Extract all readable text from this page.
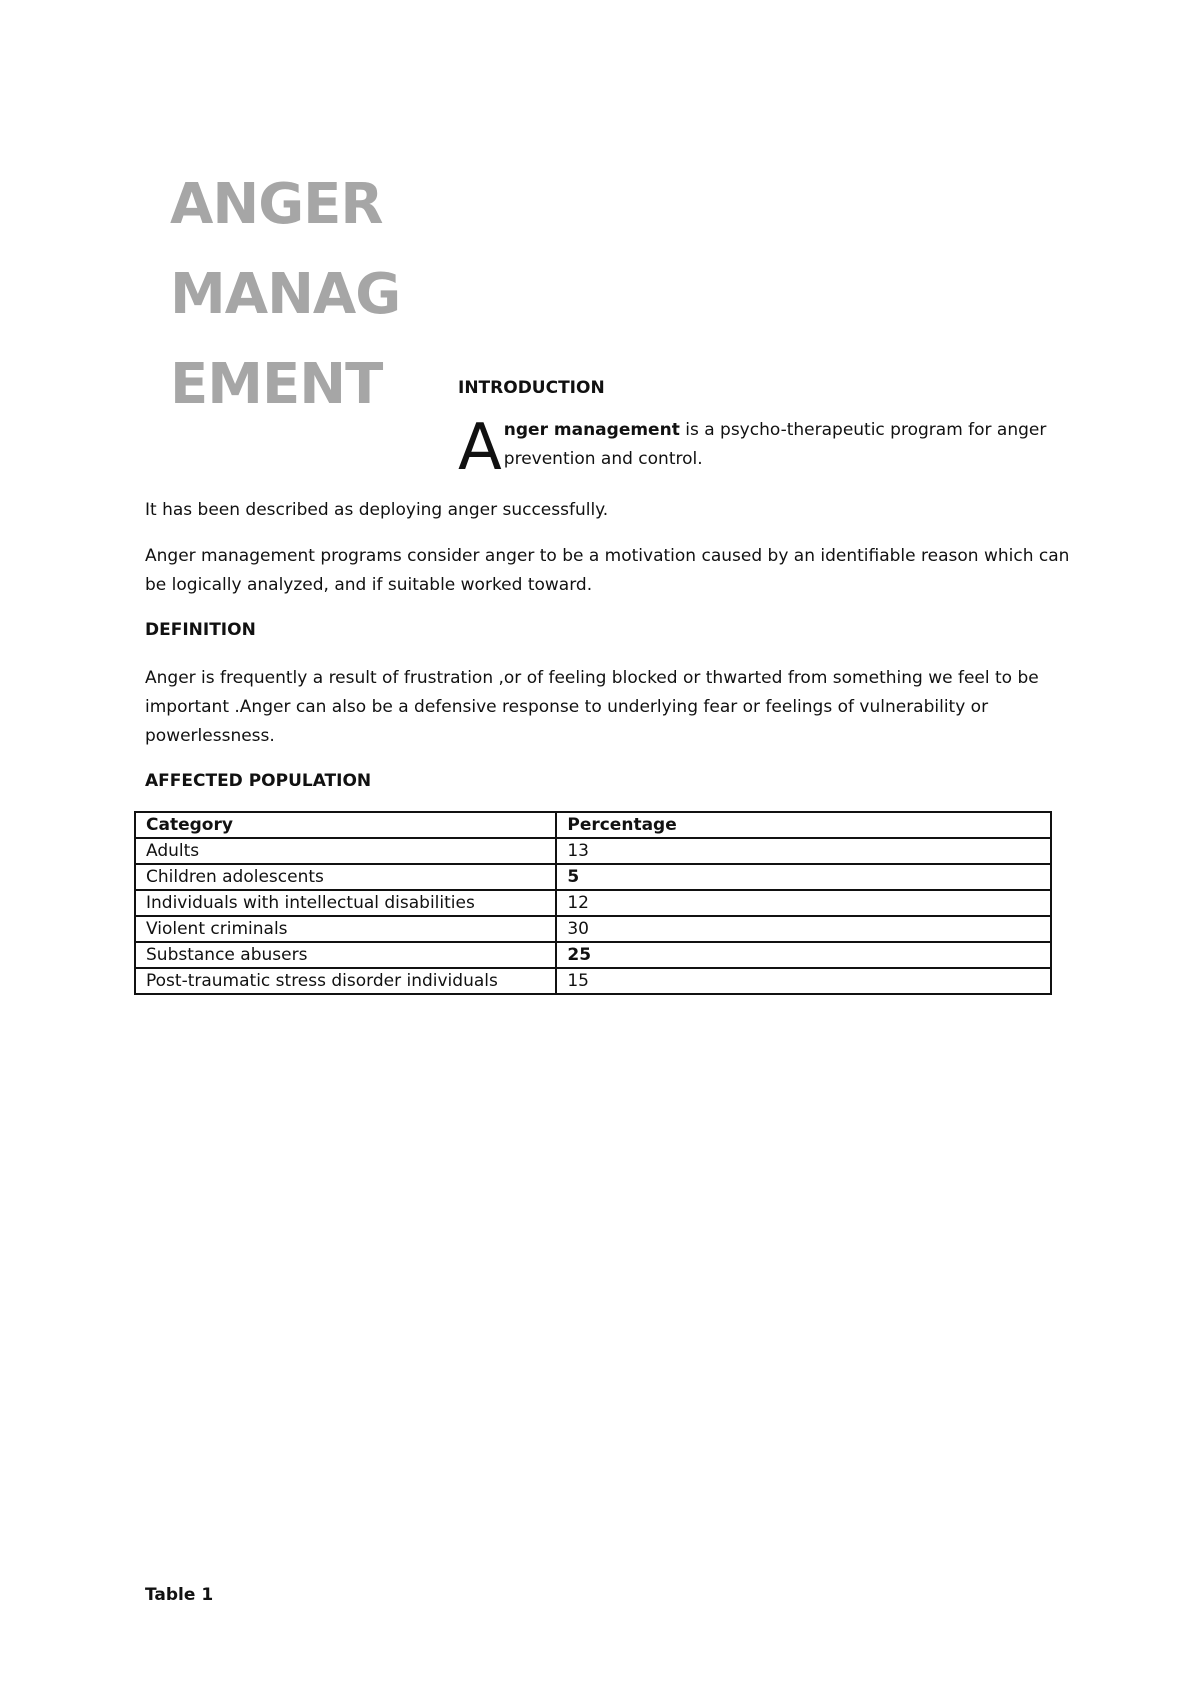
ANGER
MANAG
EMENT	INTRODUCTION
Anger management is a psycho-therapeutic program for anger prevention and control.
It has been described as deploying anger successfully.
Anger management programs consider anger to be a motivation caused by an identifiable reason which can be logically analyzed, and if suitable worked toward.
DEFINITION
Anger is frequently a result of frustration ,or of feeling blocked or thwarted from something we feel to be important .Anger can also be a defensive response to underlying fear or feelings of vulnerability or powerlessness.
AFFECTED POPULATION
Category	Percentage
Adults	13
Children adolescents	5
Individuals with intellectual disabilities	12
Violent criminals	30
Substance abusers	25
Post-traumatic stress disorder individuals	15
Table 1
